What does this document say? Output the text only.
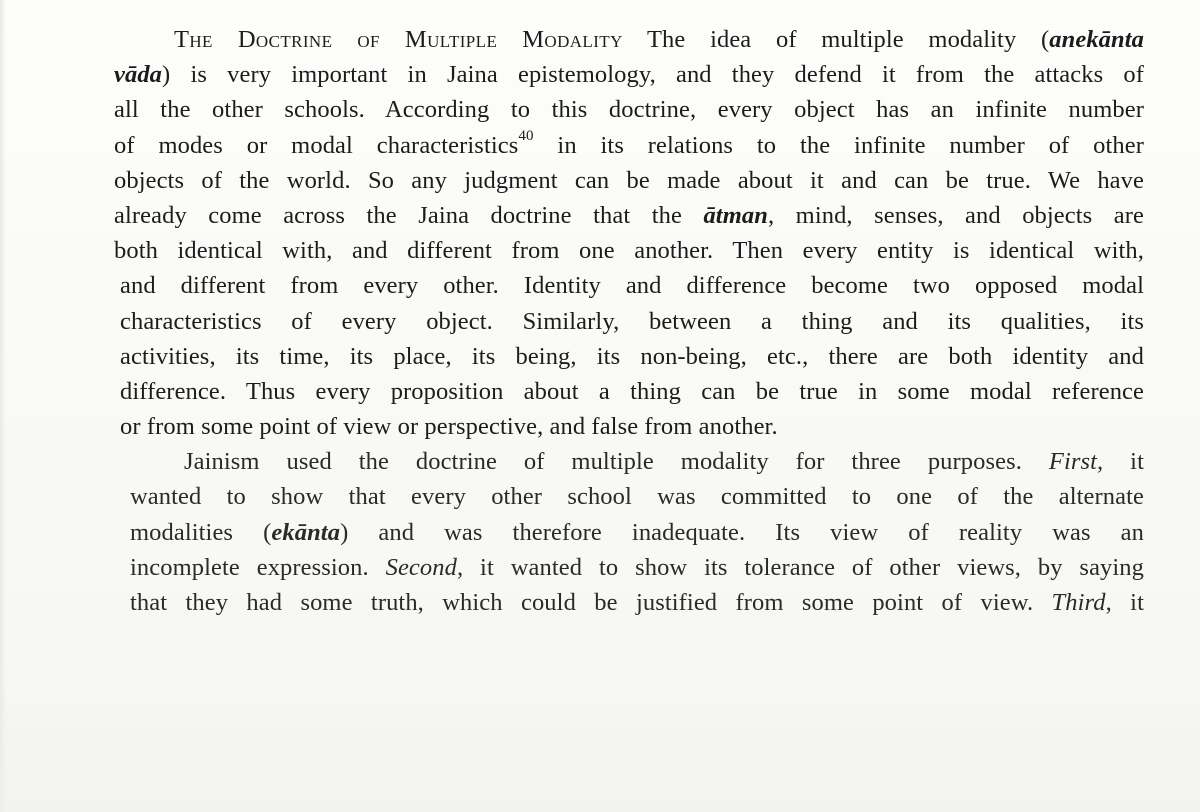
The Doctrine of Multiple Modality The idea of multiple modality (anekānta
vāda) is very important in Jaina epistemology, and they defend it from the attacks of
all the other schools. According to this doctrine, every object has an infinite number
of modes or modal characteristics$^{40}$ in its relations to the infinite number of other
objects of the world. So any judgment can be made about it and can be true. We have
already come across the Jaina doctrine that the ātman, mind, senses, and objects are
both identical with, and different from one another. Then every entity is identical with,
and different from every other. Identity and difference become two opposed modal
characteristics of every object. Similarly, between a thing and its qualities, its
activities, its time, its place, its being, its non-being, etc., there are both identity and
difference. Thus every proposition about a thing can be true in some modal reference
or from some point of view or perspective, and false from another.
Jainism used the doctrine of multiple modality for three purposes. First, it
wanted to show that every other school was committed to one of the alternate
modalities (ekānta) and was therefore inadequate. Its view of reality was an
incomplete expression. Second, it wanted to show its tolerance of other views, by saying
that they had some truth, which could be justified from some point of view. Third, it
